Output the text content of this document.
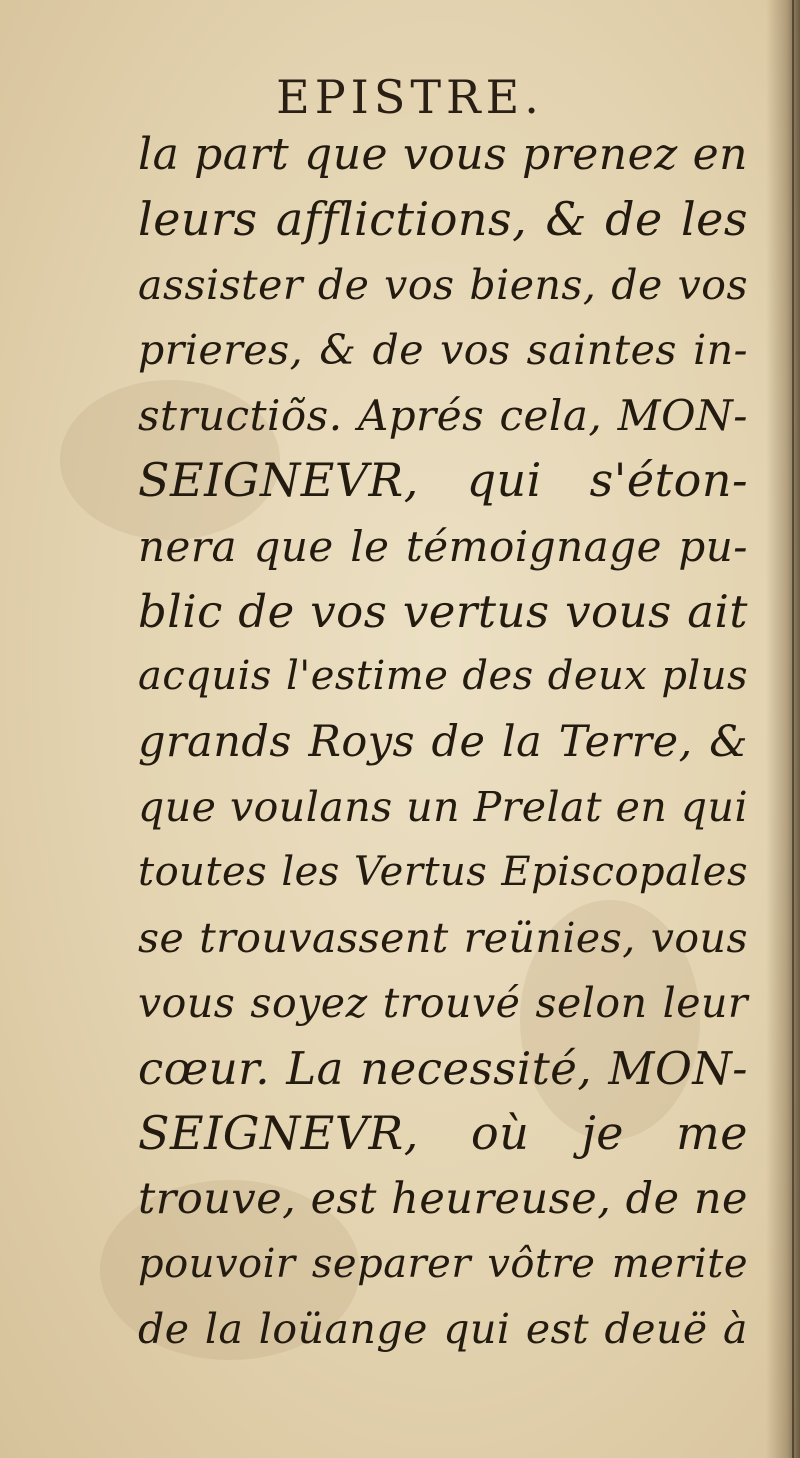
EPISTRE.
la part que vous prenez en
leurs afflictions, & de les
assister de vos biens, de vos
prieres, & de vos saintes in-
structiõs. Aprés cela, MON-
SEIGNEVR, qui s'éton-
nera que le témoignage pu-
blic de vos vertus vous ait
acquis l'estime des deux plus
grands Roys de la Terre, &
que voulans un Prelat en qui
toutes les Vertus Episcopales
se trouvassent reünies, vous
vous soyez trouvé selon leur
cœur. La necessité, MON-
SEIGNEVR, où je me
trouve, est heureuse, de ne
pouvoir separer vôtre merite
de la loüange qui est deuë à
